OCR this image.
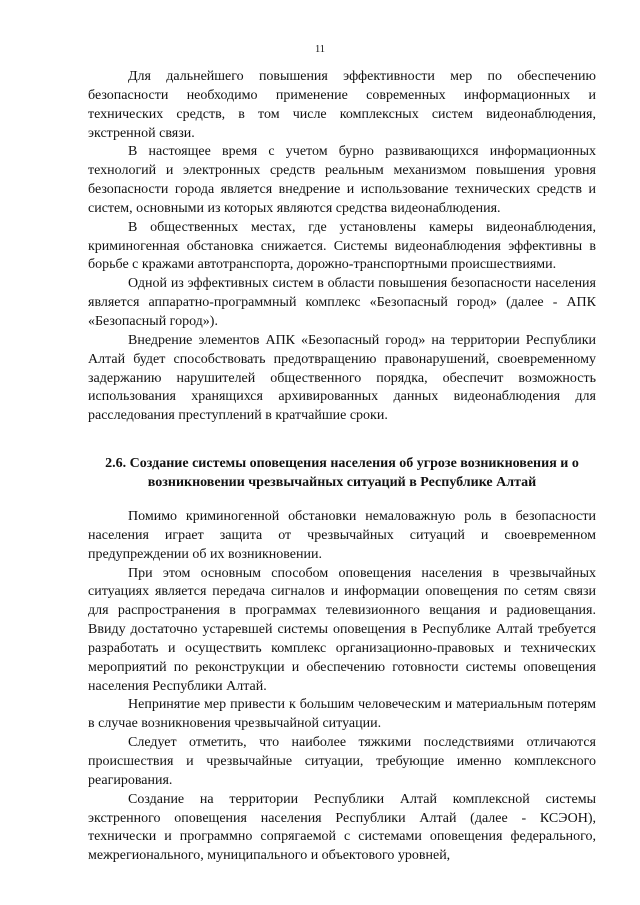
11

Для дальнейшего повышения эффективности мер по обеспечению безопасности необходимо применение современных информационных и технических средств, в том числе комплексных систем видеонаблюдения, экстренной связи.

В настоящее время с учетом бурно развивающихся информационных технологий и электронных средств реальным механизмом повышения уровня безопасности города является внедрение и использование технических средств и систем, основными из которых являются средства видеонаблюдения.

В общественных местах, где установлены камеры видеонаблюдения, криминогенная обстановка снижается. Системы видеонаблюдения эффективны в борьбе с кражами автотранспорта, дорожно-транспортными происшествиями.

Одной из эффективных систем в области повышения безопасности населения является аппаратно-программный комплекс «Безопасный город» (далее - АПК «Безопасный город»).

Внедрение элементов АПК «Безопасный город» на территории Республики Алтай будет способствовать предотвращению правонарушений, своевременному задержанию нарушителей общественного порядка, обеспечит возможность использования хранящихся архивированных данных видеонаблюдения для расследования преступлений в кратчайшие сроки.

2.6. Создание системы оповещения населения об угрозе возникновения и о возникновении чрезвычайных ситуаций в Республике Алтай

Помимо криминогенной обстановки немаловажную роль в безопасности населения играет защита от чрезвычайных ситуаций и своевременном предупреждении об их возникновении.

При этом основным способом оповещения населения в чрезвычайных ситуациях является передача сигналов и информации оповещения по сетям связи для распространения в программах телевизионного вещания и радиовещания. Ввиду достаточно устаревшей системы оповещения в Республике Алтай требуется разработать и осуществить комплекс организационно-правовых и технических мероприятий по реконструкции и обеспечению готовности системы оповещения населения Республики Алтай.

Непринятие мер привести к большим человеческим и материальным потерям в случае возникновения чрезвычайной ситуации.

Следует отметить, что наиболее тяжкими последствиями отличаются происшествия и чрезвычайные ситуации, требующие именно комплексного реагирования.

Создание на территории Республики Алтай комплексной системы экстренного оповещения населения Республики Алтай (далее - КСЭОН), технически и программно сопрягаемой с системами оповещения федерального, межрегионального, муниципального и объектового уровней,
